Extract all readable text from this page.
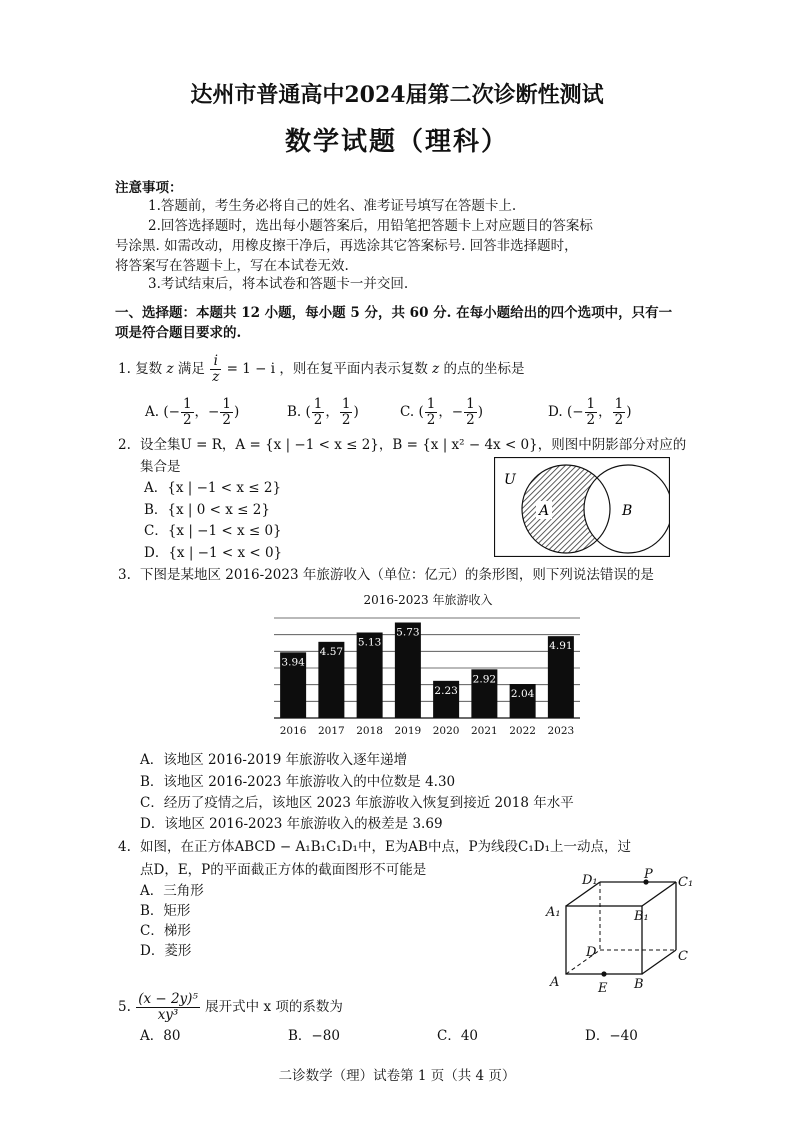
达州市普通高中2024届第二次诊断性测试
数学试题（理科）
注意事项：
1.答题前，考生务必将自己的姓名、准考证号填写在答题卡上.
2.回答选择题时，选出每小题答案后，用铅笔把答题卡上对应题目的答案标
号涂黑. 如需改动，用橡皮擦干净后，再选涂其它答案标号. 回答非选择题时，
将答案写在答题卡上，写在本试卷无效.
3.考试结束后，将本试卷和答题卡一并交回.
一、选择题：本题共 12 小题，每小题 5 分，共 60 分. 在每小题给出的四个选项中，只有一
项是符合题目要求的.
1. 复数 z 满足 $\frac{i}{z} = 1 - i$ ，则在复平面内表示复数 z 的点的坐标是
A. (− $\frac{1}{2}$ ，− $\frac{1}{2}$ )	B. ( $\frac{1}{2}$ ， $\frac{1}{2}$ )	C. ( $\frac{1}{2}$ ，− $\frac{1}{2}$ )	D. (− $\frac{1}{2}$ ， $\frac{1}{2}$ )
2. 设全集U = R，A = {x | −1 < x ≤ 2}，B = {x | x² − 4x < 0}，则图中阴影部分对应的
集合是
A．{x | −1 < x ≤ 2}
B．{x | 0 < x ≤ 2}
C．{x | −1 < x ≤ 0}
D．{x | −1 < x < 0}
U
A	B
3. 下图是某地区 2016-2023 年旅游收入（单位：亿元）的条形图，则下列说法错误的是
2016-2023 年旅游收入
3.94
2016
4.57
2017
5.13
2018
5.73
2019
2.23
2020
2.92
2021
2.04
2022
4.91
2023
A．该地区 2016-2019 年旅游收入逐年递增
B．该地区 2016-2023 年旅游收入的中位数是 4.30
C．经历了疫情之后，该地区 2023 年旅游收入恢复到接近 2018 年水平
D．该地区 2016-2023 年旅游收入的极差是 3.69
4. 如图，在正方体ABCD − A₁B₁C₁D₁中，E为AB中点，P为线段C₁D₁上一动点，过
点D，E，P的平面截正方体的截面图形不可能是
A．三角形
B．矩形
C．梯形
D．菱形
D₁	P
C₁
A₁	B₁
D	C
A	E B
5. $\frac{\text{(x − 2y)⁵}}{\text{xy³}}$ 展开式中 x 项的系数为
A．80	B．−80	C．40	D．−40
二诊数学（理）试卷第 1 页（共 4 页）
